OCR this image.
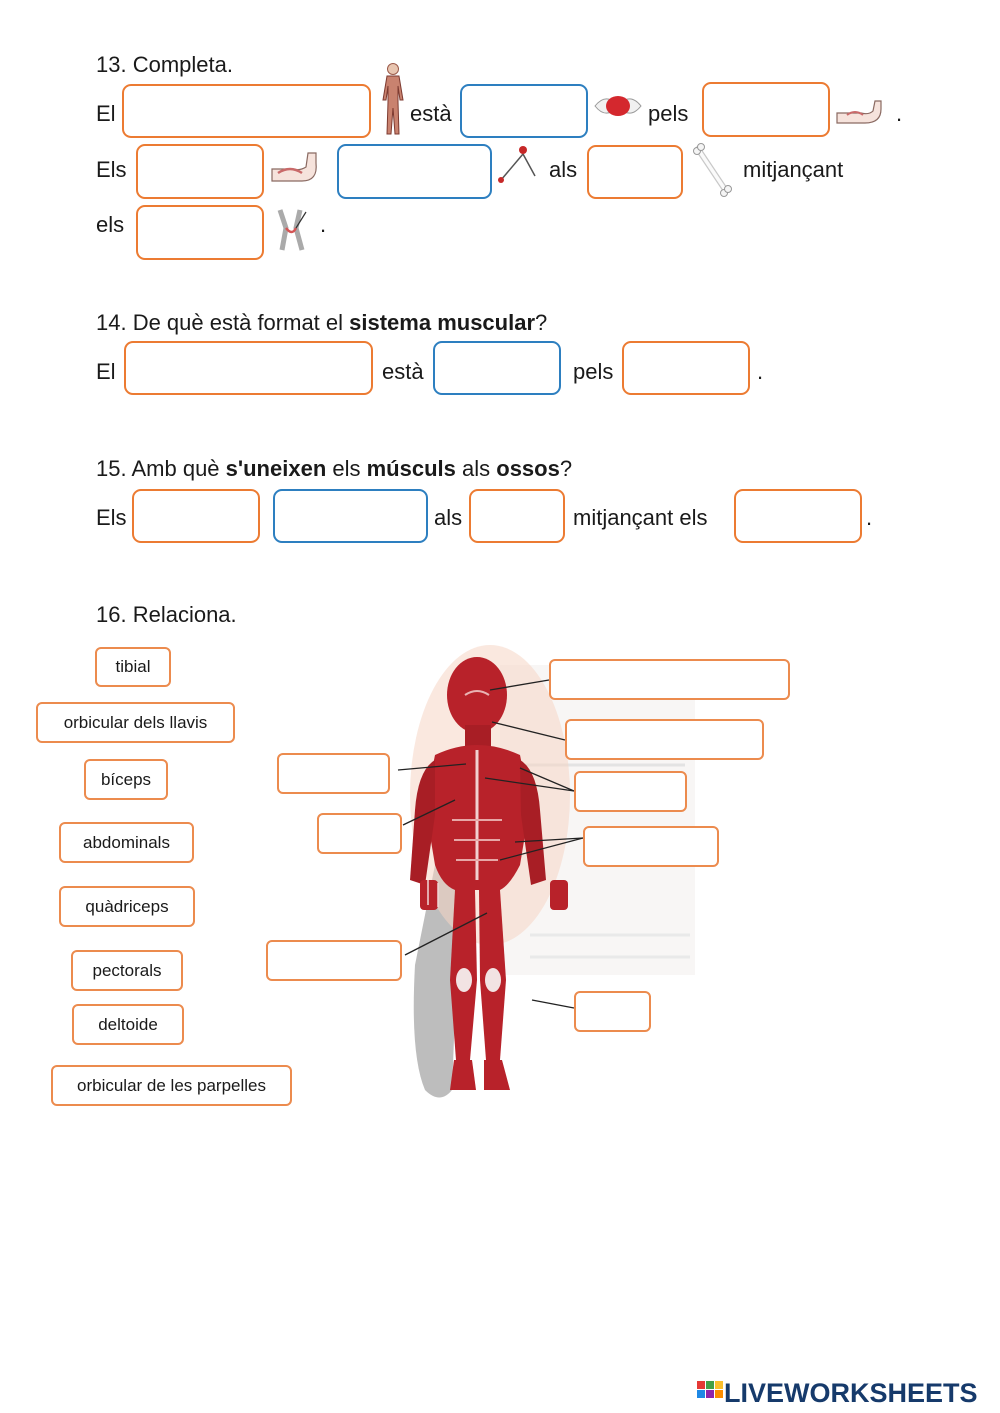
13. Completa.
El	està	pels	.
Els	als	mitjançant
els	.
14. De què està format el sistema muscular?
El	està	pels	.
15. Amb què s'uneixen els músculs als ossos?
Els	als	mitjançant els	.
16. Relaciona.
tibial
orbicular dels llavis
bíceps
abdominals
quàdriceps
pectorals
deltoide
orbicular de les parpelles
LIVEWORKSHEETS
